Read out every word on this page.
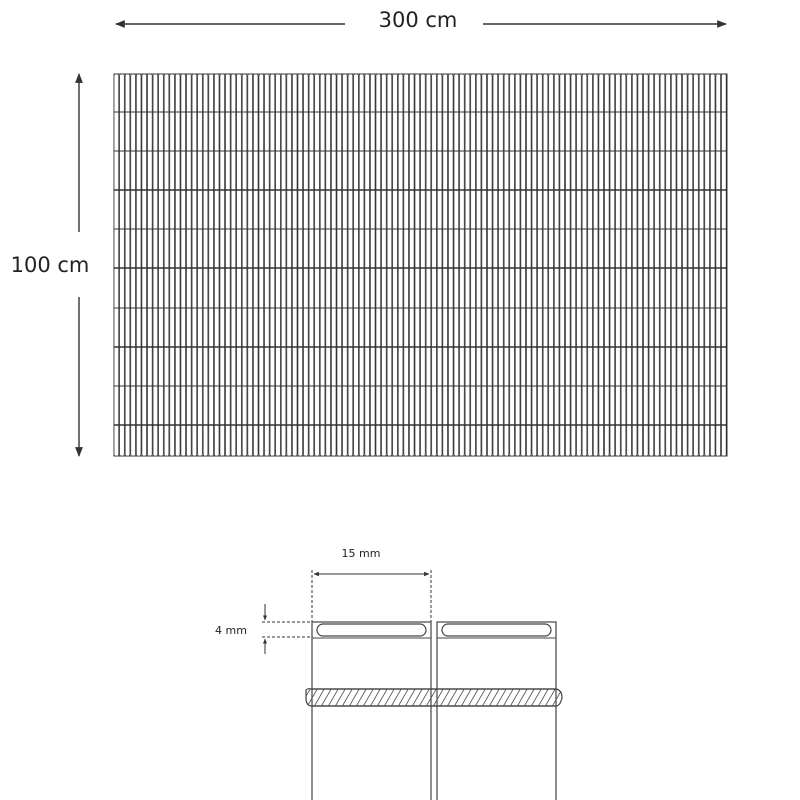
300 cm
100 cm
15 mm
4 mm
